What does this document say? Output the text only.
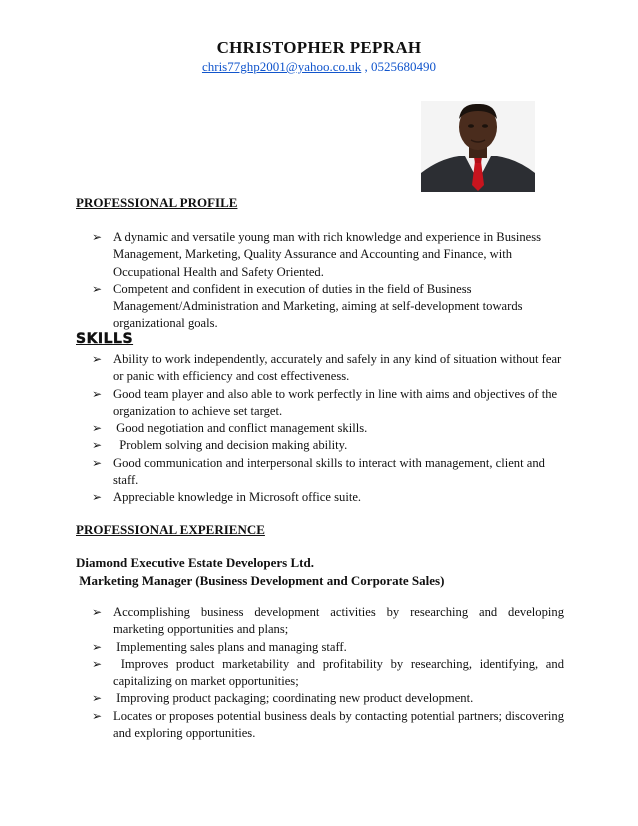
CHRISTOPHER PEPRAH
chris77ghp2001@yahoo.co.uk , 0525680490
PROFESSIONAL PROFILE
➢ A dynamic and versatile young man with rich knowledge and experience in Business Management, Marketing, Quality Assurance and Accounting and Finance, with Occupational Health and Safety Oriented.
➢ Competent and confident in execution of duties in the field of Business Management/Administration and Marketing, aiming at self-development towards organizational goals.
SKILLS
➢ Ability to work independently, accurately and safely in any kind of situation without fear or panic with efficiency and cost effectiveness.
➢ Good team player and also able to work perfectly in line with aims and objectives of the organization to achieve set target.
➢ Good negotiation and conflict management skills.
➢ Problem solving and decision making ability.
➢ Good communication and interpersonal skills to interact with management, client and staff.
➢ Appreciable knowledge in Microsoft office suite.
PROFESSIONAL EXPERIENCE
Diamond Executive Estate Developers Ltd.
Marketing Manager (Business Development and Corporate Sales)
➢ Accomplishing business development activities by researching and developing marketing opportunities and plans;
➢ Implementing sales plans and managing staff.
➢ Improves product marketability and profitability by researching, identifying, and capitalizing on market opportunities;
➢ Improving product packaging; coordinating new product development.
➢ Locates or proposes potential business deals by contacting potential partners; discovering and exploring opportunities.
